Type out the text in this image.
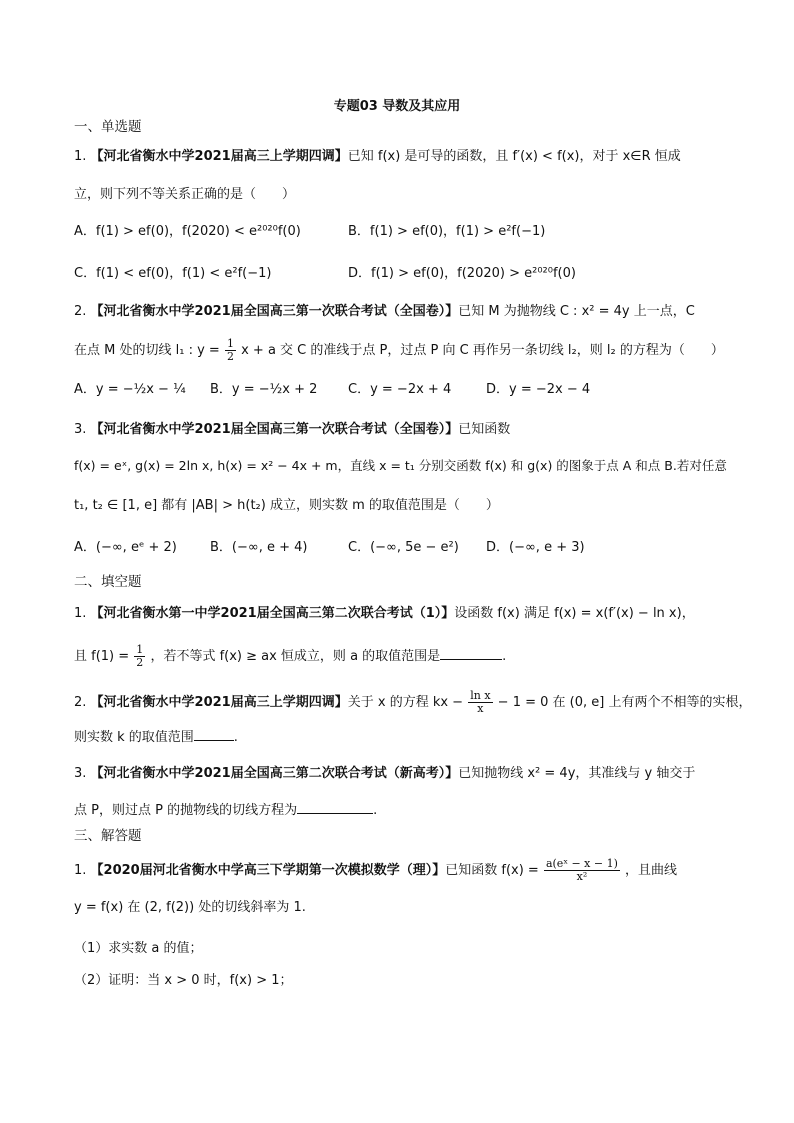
专题03 导数及其应用
一、单选题
1. 【河北省衡水中学2021届高三上学期四调】已知 f(x) 是可导的函数，且 f′(x) < f(x)，对于 x∈R 恒成
立，则下列不等关系正确的是（　　）
A．f(1) > ef(0)，f(2020) < e²⁰²⁰f(0)	B．f(1) > ef(0)，f(1) > e²f(−1)
C．f(1) < ef(0)，f(1) < e²f(−1)	D．f(1) > ef(0)，f(2020) > e²⁰²⁰f(0)
2. 【河北省衡水中学2021届全国高三第一次联合考试（全国卷）】已知 M 为抛物线 C : x² = 4y 上一点，C
在点 M 处的切线 l₁ : $y = \frac{1}{2}$ x + a 交 C 的准线于点 P，过点 P 向 C 再作另一条切线 l₂，则 l₂ 的方程为（　　）
A．y = −½x − ¼ B．y = −½x + 2 C．y = −2x + 4	D．y = −2x − 4
3. 【河北省衡水中学2021届全国高三第一次联合考试（全国卷）】已知函数
f(x) = eˣ, g(x) = 2ln x, h(x) = x² − 4x + m，直线 x = t₁ 分别交函数 f(x) 和 g(x) 的图象于点 A 和点 B.若对任意
t₁, t₂ ∈ [1, e] 都有 |AB| > h(t₂) 成立，则实数 m 的取值范围是（　　）
A．(−∞, eᵉ + 2)	B．(−∞, e + 4)	C．(−∞, 5e − e²) D．(−∞, e + 3)
二、填空题
1. 【河北省衡水第一中学2021届全国高三第二次联合考试（1）】设函数 f(x) 满足 f(x) = x(f′(x) − ln x)，
且 $f(1) = \frac{1}{2}$ ，若不等式 f(x) ≥ ax 恒成立，则 a 的取值范围是	.
2. 【河北省衡水中学2021届高三上学期四调】关于 x 的方程 kx − $\frac{\text{ln x}}{x} - 1 = 0$ 在 (0, e] 上有两个不相等的实根，
则实数 k 的取值范围	.
3. 【河北省衡水中学2021届全国高三第二次联合考试（新高考）】已知抛物线 x² = 4y，其准线与 y 轴交于
点 P，则过点 P 的抛物线的切线方程为	.
三、解答题
1. 【2020届河北省衡水中学高三下学期第一次模拟数学（理）】已知函数 $f(x) = \frac{\text{a(eˣ − x − 1)}}{\text{x²}}$ ，且曲线
y = f(x) 在 (2, f(2)) 处的切线斜率为 1.
（1）求实数 a 的值；
（2）证明：当 x > 0 时，f(x) > 1；
